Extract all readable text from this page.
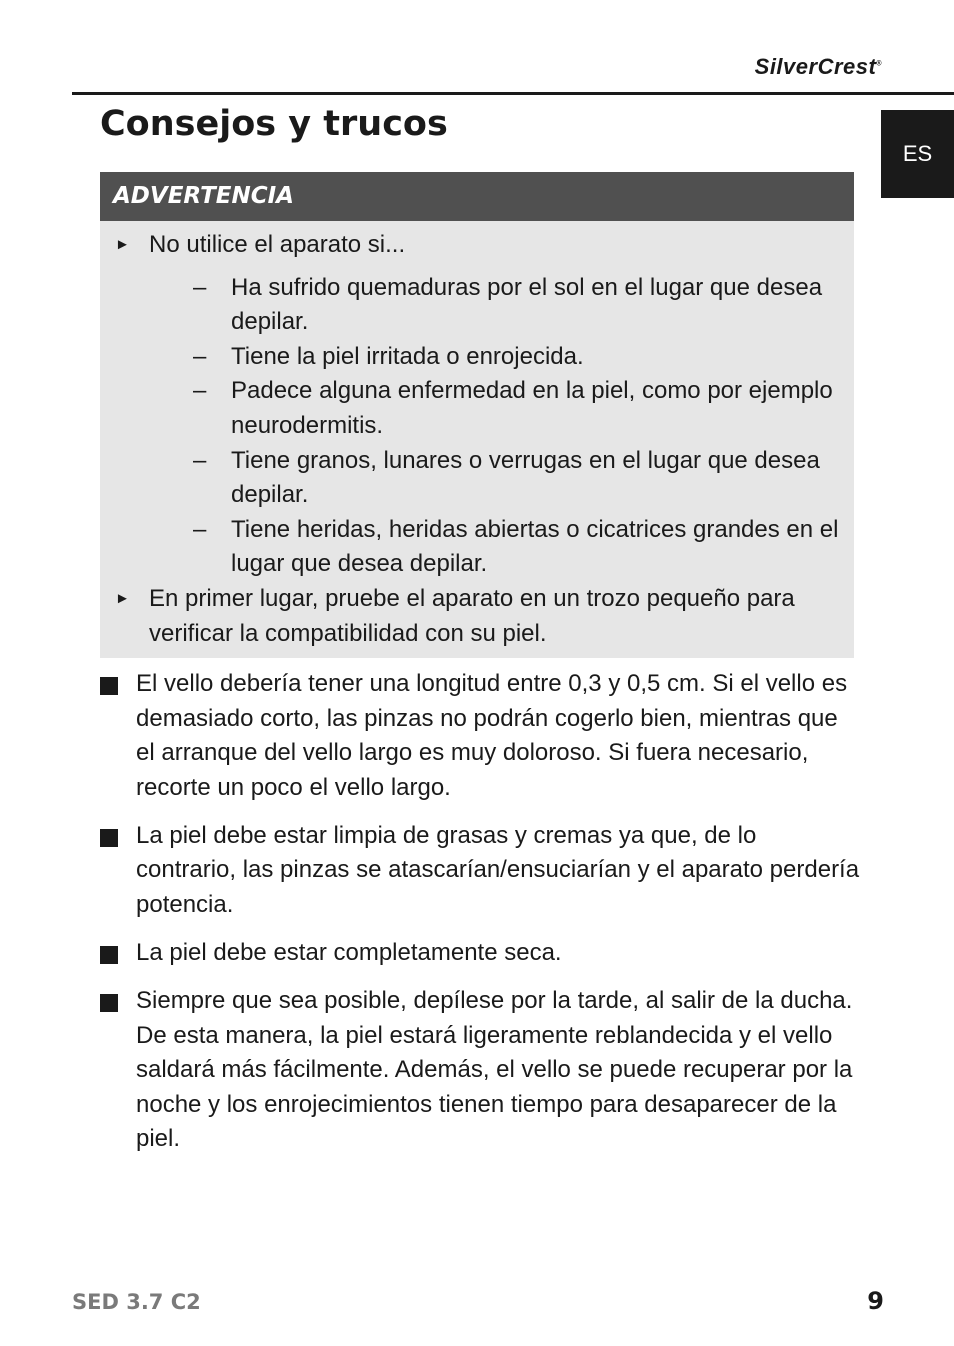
SilverCrest®
ES
Consejos y trucos
ADVERTENCIA
► No utilice el aparato si...
– Ha sufrido quemaduras por el sol en el lugar que desea depilar.
– Tiene la piel irritada o enrojecida.
– Padece alguna enfermedad en la piel, como por ejemplo neurodermitis.
– Tiene granos, lunares o verrugas en el lugar que desea depilar.
– Tiene heridas, heridas abiertas o cicatrices grandes en el lugar que desea depilar.
► En primer lugar, pruebe el aparato en un trozo pequeño para verificar la compatibilidad con su piel.
El vello debería tener una longitud entre 0,3 y 0,5 cm. Si el vello es demasiado corto, las pinzas no podrán cogerlo bien, mientras que el arranque del vello largo es muy doloroso. Si fuera necesario, recorte un poco el vello largo.
La piel debe estar limpia de grasas y cremas ya que, de lo contrario, las pinzas se atascarían/ensuciarían y el aparato perdería potencia.
La piel debe estar completamente seca.
Siempre que sea posible, depílese por la tarde, al salir de la ducha. De esta manera, la piel estará ligeramente reblandecida y el vello saldará más fácilmente. Además, el vello se puede recuperar por la noche y los enrojecimientos tienen tiempo para desaparecer de la piel.
SED 3.7 C2	9
